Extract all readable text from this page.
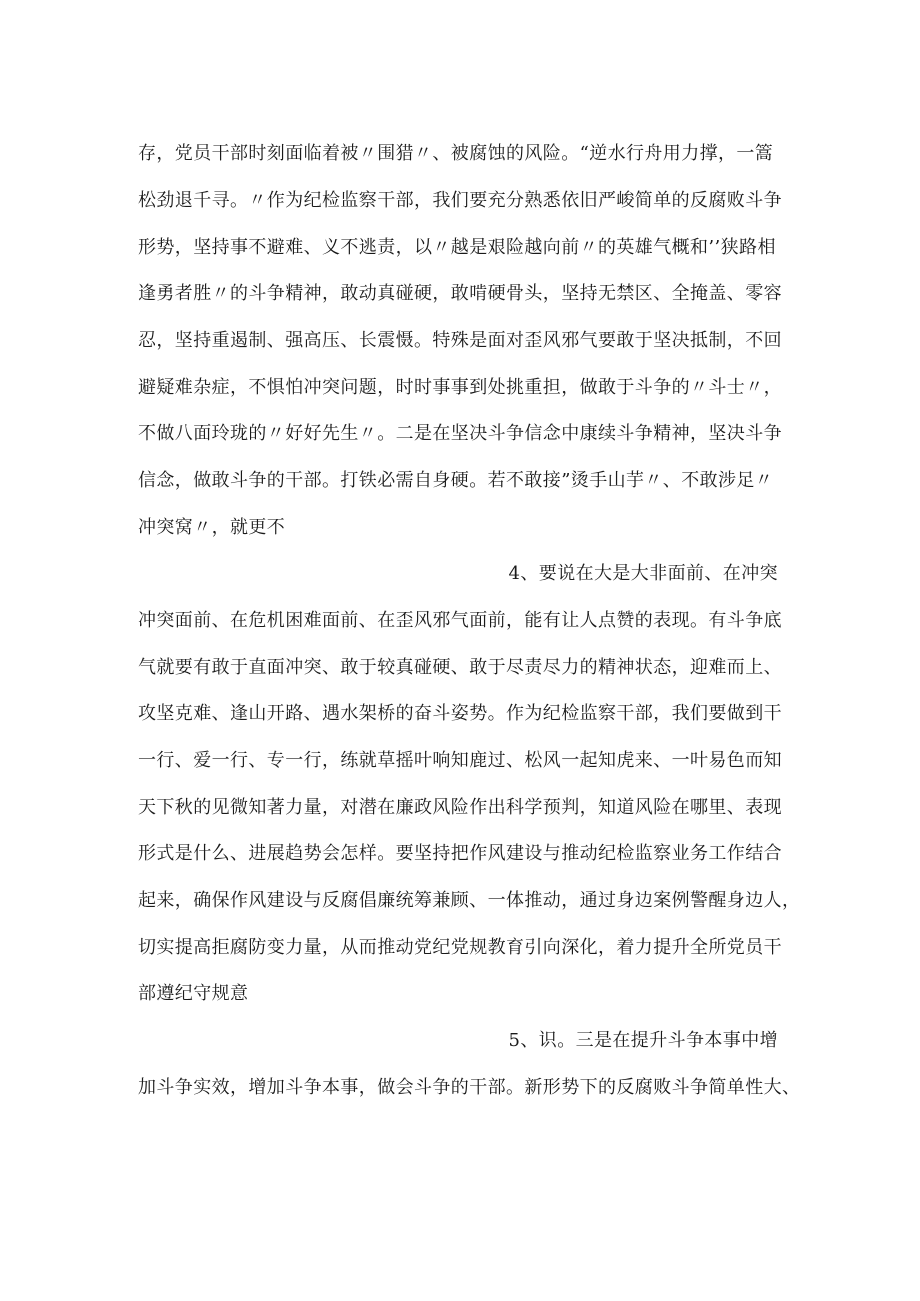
存，党员干部时刻面临着被〃围猎〃、被腐蚀的风险。“逆水行舟用力撑，一篙
松劲退千寻。〃作为纪检监察干部，我们要充分熟悉依旧严峻简单的反腐败斗争
形势，坚持事不避难、义不逃责，以〃越是艰险越向前〃的英雄气概和’’狭路相
逢勇者胜〃的斗争精神，敢动真碰硬，敢啃硬骨头，坚持无禁区、全掩盖、零容
忍，坚持重遏制、强高压、长震慑。特殊是面对歪风邪气要敢于坚决抵制，不回
避疑难杂症，不惧怕冲突问题，时时事事到处挑重担，做敢于斗争的〃斗士〃，
不做八面玲珑的〃好好先生〃。二是在坚决斗争信念中康续斗争精神，坚决斗争
信念，做敢斗争的干部。打铁必需自身硬。若不敢接”烫手山芋〃、不敢涉足〃
冲突窝〃，就更不
4、要说在大是大非面前、在冲突
冲突面前、在危机困难面前、在歪风邪气面前，能有让人点赞的表现。有斗争底
气就要有敢于直面冲突、敢于较真碰硬、敢于尽责尽力的精神状态，迎难而上、
攻坚克难、逢山开路、遇水架桥的奋斗姿势。作为纪检监察干部，我们要做到干
一行、爱一行、专一行，练就草摇叶响知鹿过、松风一起知虎来、一叶易色而知
天下秋的见微知著力量，对潜在廉政风险作出科学预判，知道风险在哪里、表现
形式是什么、进展趋势会怎样。要坚持把作风建设与推动纪检监察业务工作结合
起来，确保作风建设与反腐倡廉统筹兼顾、一体推动，通过身边案例警醒身边人，
切实提高拒腐防变力量，从而推动党纪党规教育引向深化，着力提升全所党员干
部遵纪守规意
5、识。三是在提升斗争本事中增
加斗争实效，增加斗争本事，做会斗争的干部。新形势下的反腐败斗争简单性大、
